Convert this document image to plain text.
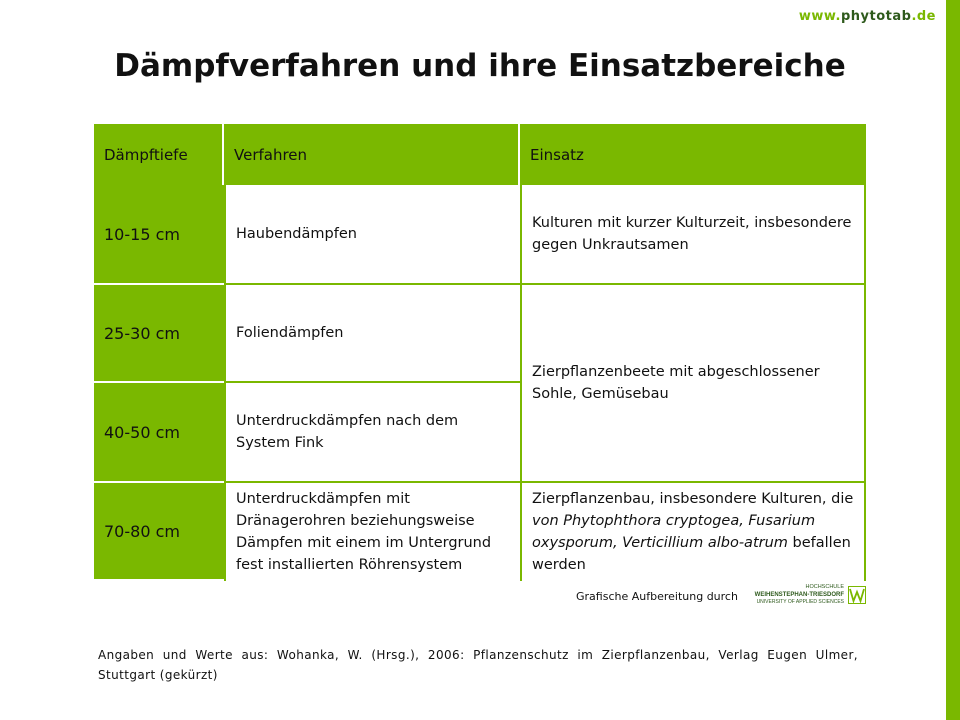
www.phytotab.de
Dämpfverfahren und ihre Einsatzbereiche
Dämpftiefe	Verfahren	Einsatz
10-15 cm	Haubendämpfen	Kulturen mit kurzer Kulturzeit, insbesondere gegen Unkrautsamen
25-30 cm	Foliendämpfen	Zierpflanzenbeete mit abgeschlossener Sohle, Gemüsebau
40-50 cm	Unterdruckdämpfen nach dem System Fink	
70-80 cm	Unterdruckdämpfen mit Dränagerohren beziehungsweise Dämpfen mit einem im Untergrund fest installierten Röhrensystem	Zierpflanzenbau, insbesondere Kulturen, die von Phytophthora cryptogea, Fusarium oxysporum, Verticillium albo-atrum befallen werden
Grafische Aufbereitung durch
HOCHSCHULE
WEIHENSTEPHAN-TRIESDORF
UNIVERSITY OF APPLIED SCIENCES
Angaben und Werte aus: Wohanka, W. (Hrsg.), 2006: Pflanzenschutz im Zierpflanzenbau, Verlag Eugen Ulmer, Stuttgart (gekürzt)
